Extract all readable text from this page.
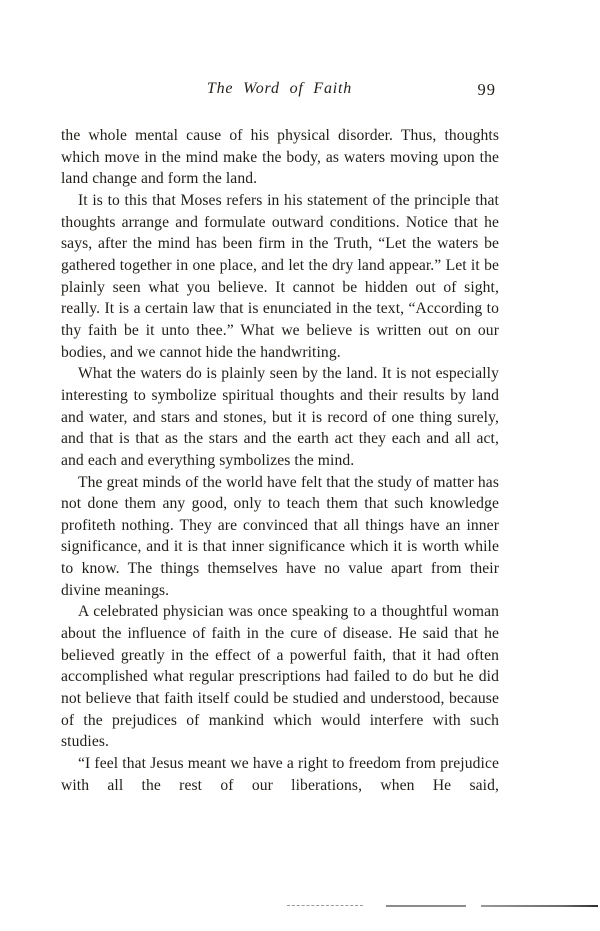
The Word of Faith	99

the whole mental cause of his physical disorder. Thus, thoughts which move in the mind make the body, as waters moving upon the land change and form the land.

It is to this that Moses refers in his statement of the principle that thoughts arrange and formulate outward conditions. Notice that he says, after the mind has been firm in the Truth, “Let the waters be gathered together in one place, and let the dry land appear.” Let it be plainly seen what you believe. It cannot be hidden out of sight, really. It is a certain law that is enunciated in the text, “According to thy faith be it unto thee.” What we believe is written out on our bodies, and we cannot hide the handwriting.

What the waters do is plainly seen by the land. It is not especially interesting to symbolize spiritual thoughts and their results by land and water, and stars and stones, but it is record of one thing surely, and that is that as the stars and the earth act they each and all act, and each and everything symbolizes the mind.

The great minds of the world have felt that the study of matter has not done them any good, only to teach them that such knowledge profiteth nothing. They are convinced that all things have an inner significance, and it is that inner significance which it is worth while to know. The things themselves have no value apart from their divine meanings.

A celebrated physician was once speaking to a thoughtful woman about the influence of faith in the cure of disease. He said that he believed greatly in the effect of a powerful faith, that it had often accomplished what regular prescriptions had failed to do but he did not believe that faith itself could be studied and understood, because of the prejudices of mankind which would interfere with such studies.

“I feel that Jesus meant we have a right to freedom from prejudice with all the rest of our liberations, when He said,
